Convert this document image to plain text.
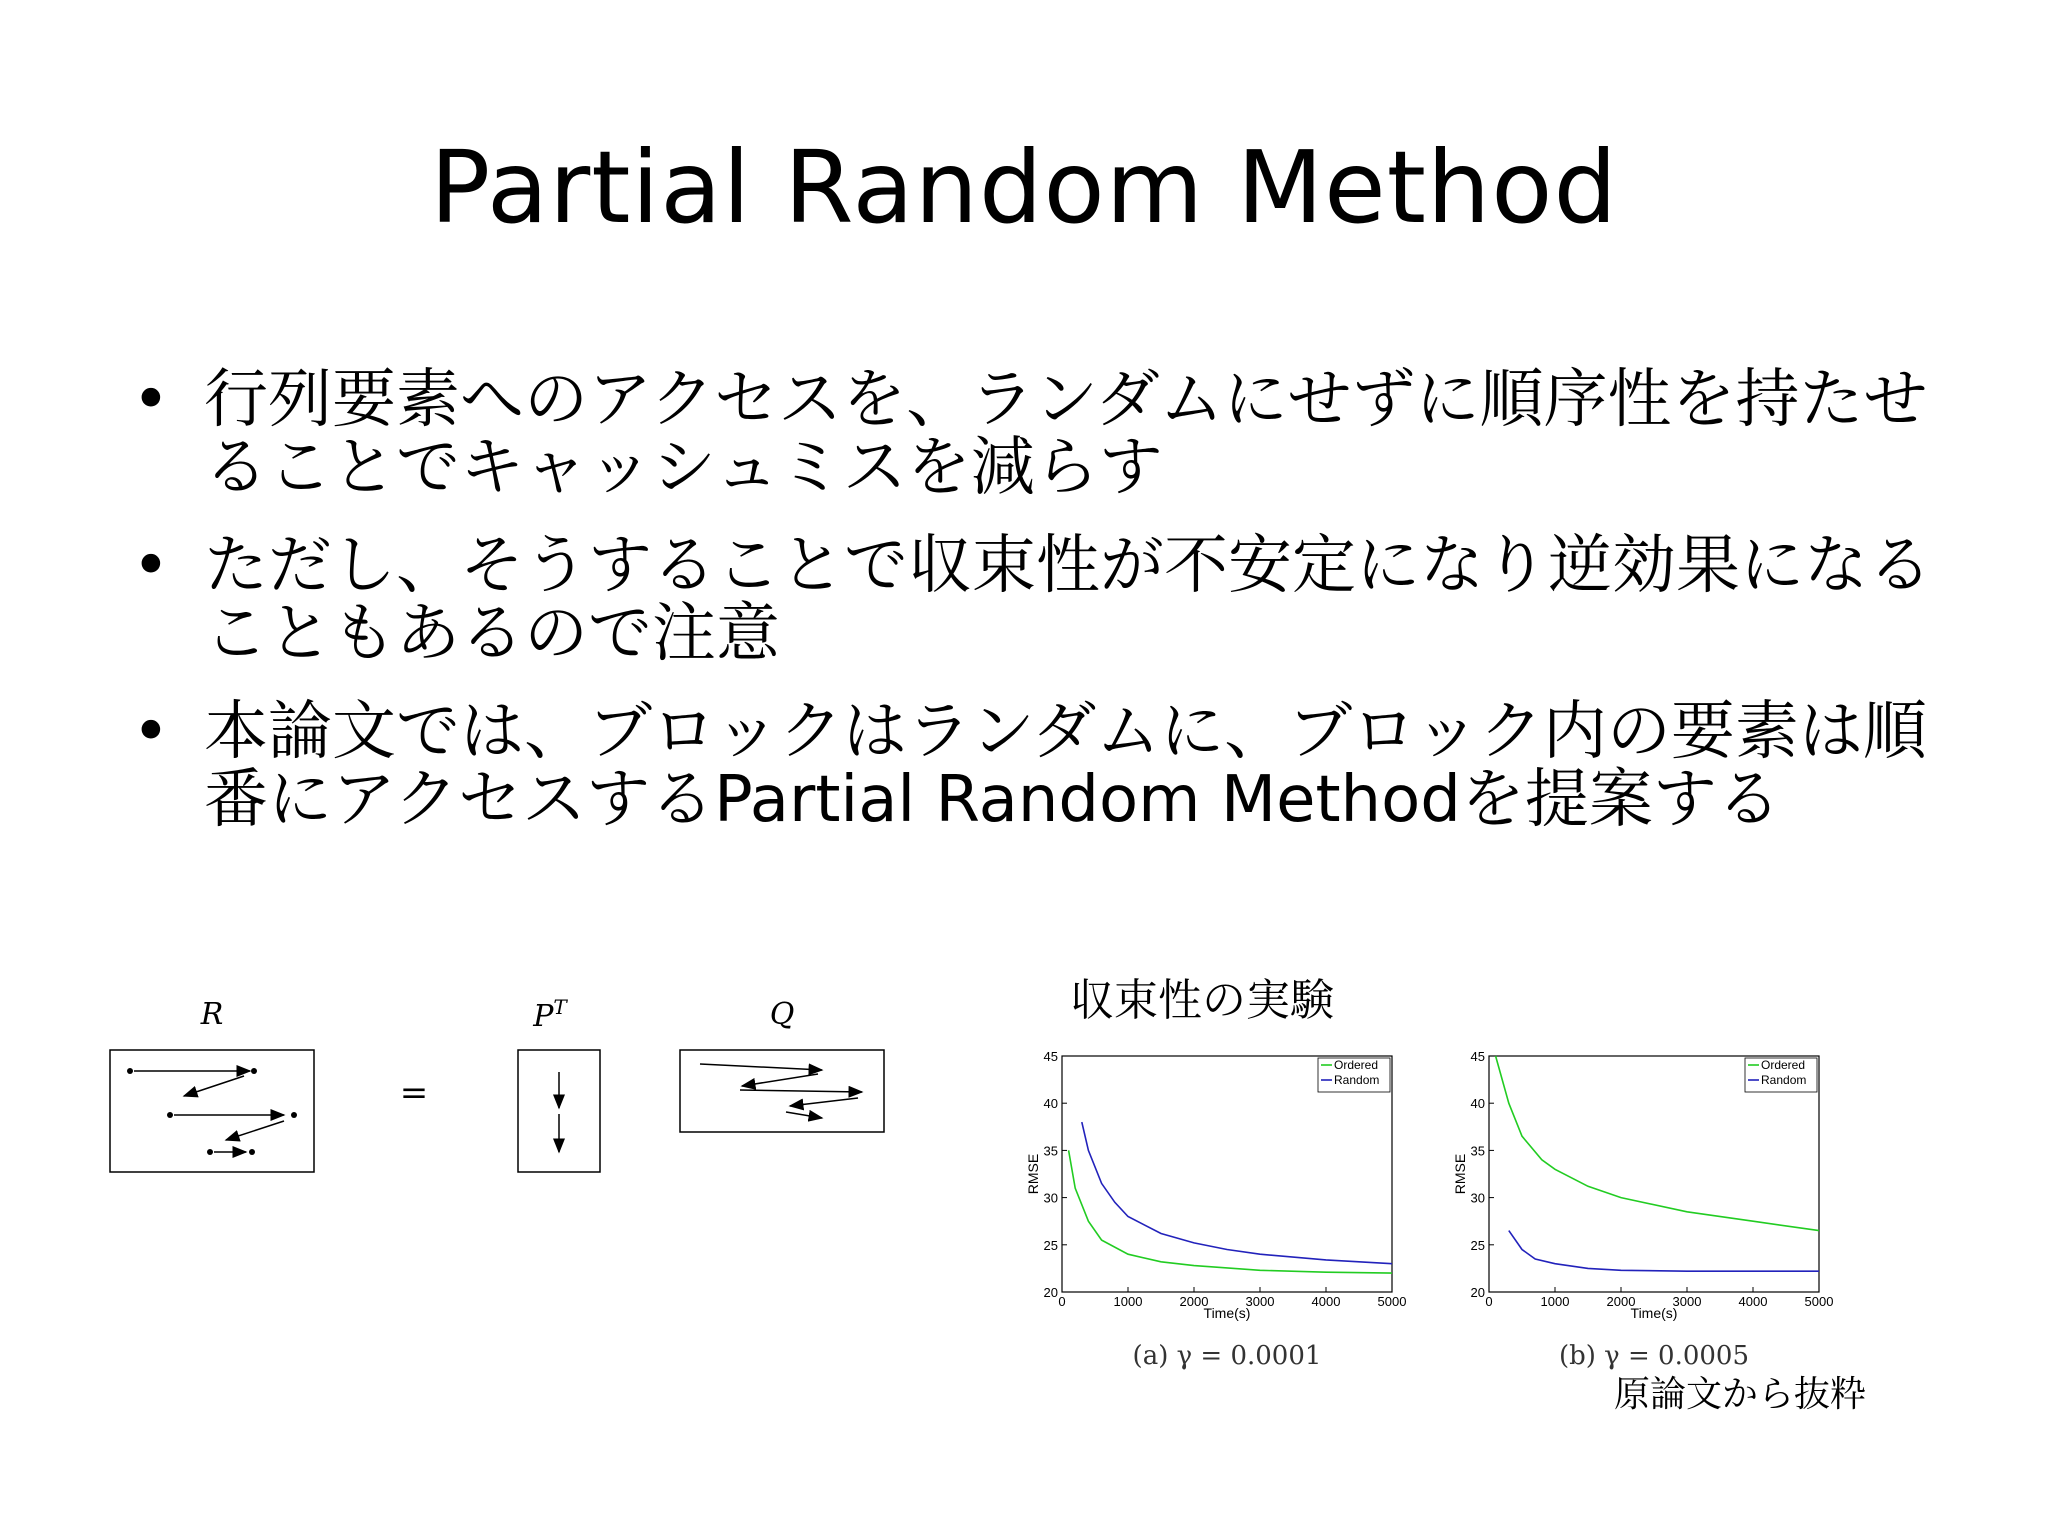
Partial Random Method
• 行列要素へのアクセスを、ランダムにせずに順序性を持たせることでキャッシュミスを減らす
• ただし、そうすることで収束性が不安定になり逆効果になることもあるので注意
• 本論文では、ブロックはランダムに、ブロック内の要素は順番にアクセスするPartial Random Methodを提案する
R	$P^T$	Q
=
収束性の実験
0	1000	2000	3000	4000	5000
20
25
30
35
40
45
Time(s)
RMSE
Ordered
Random
(a) γ = 0.0001
0	1000	2000	3000	4000	5000
20
25
30
35
40
45
Time(s)
RMSE
Ordered
Random
(b) γ = 0.0005
原論文から抜粋
